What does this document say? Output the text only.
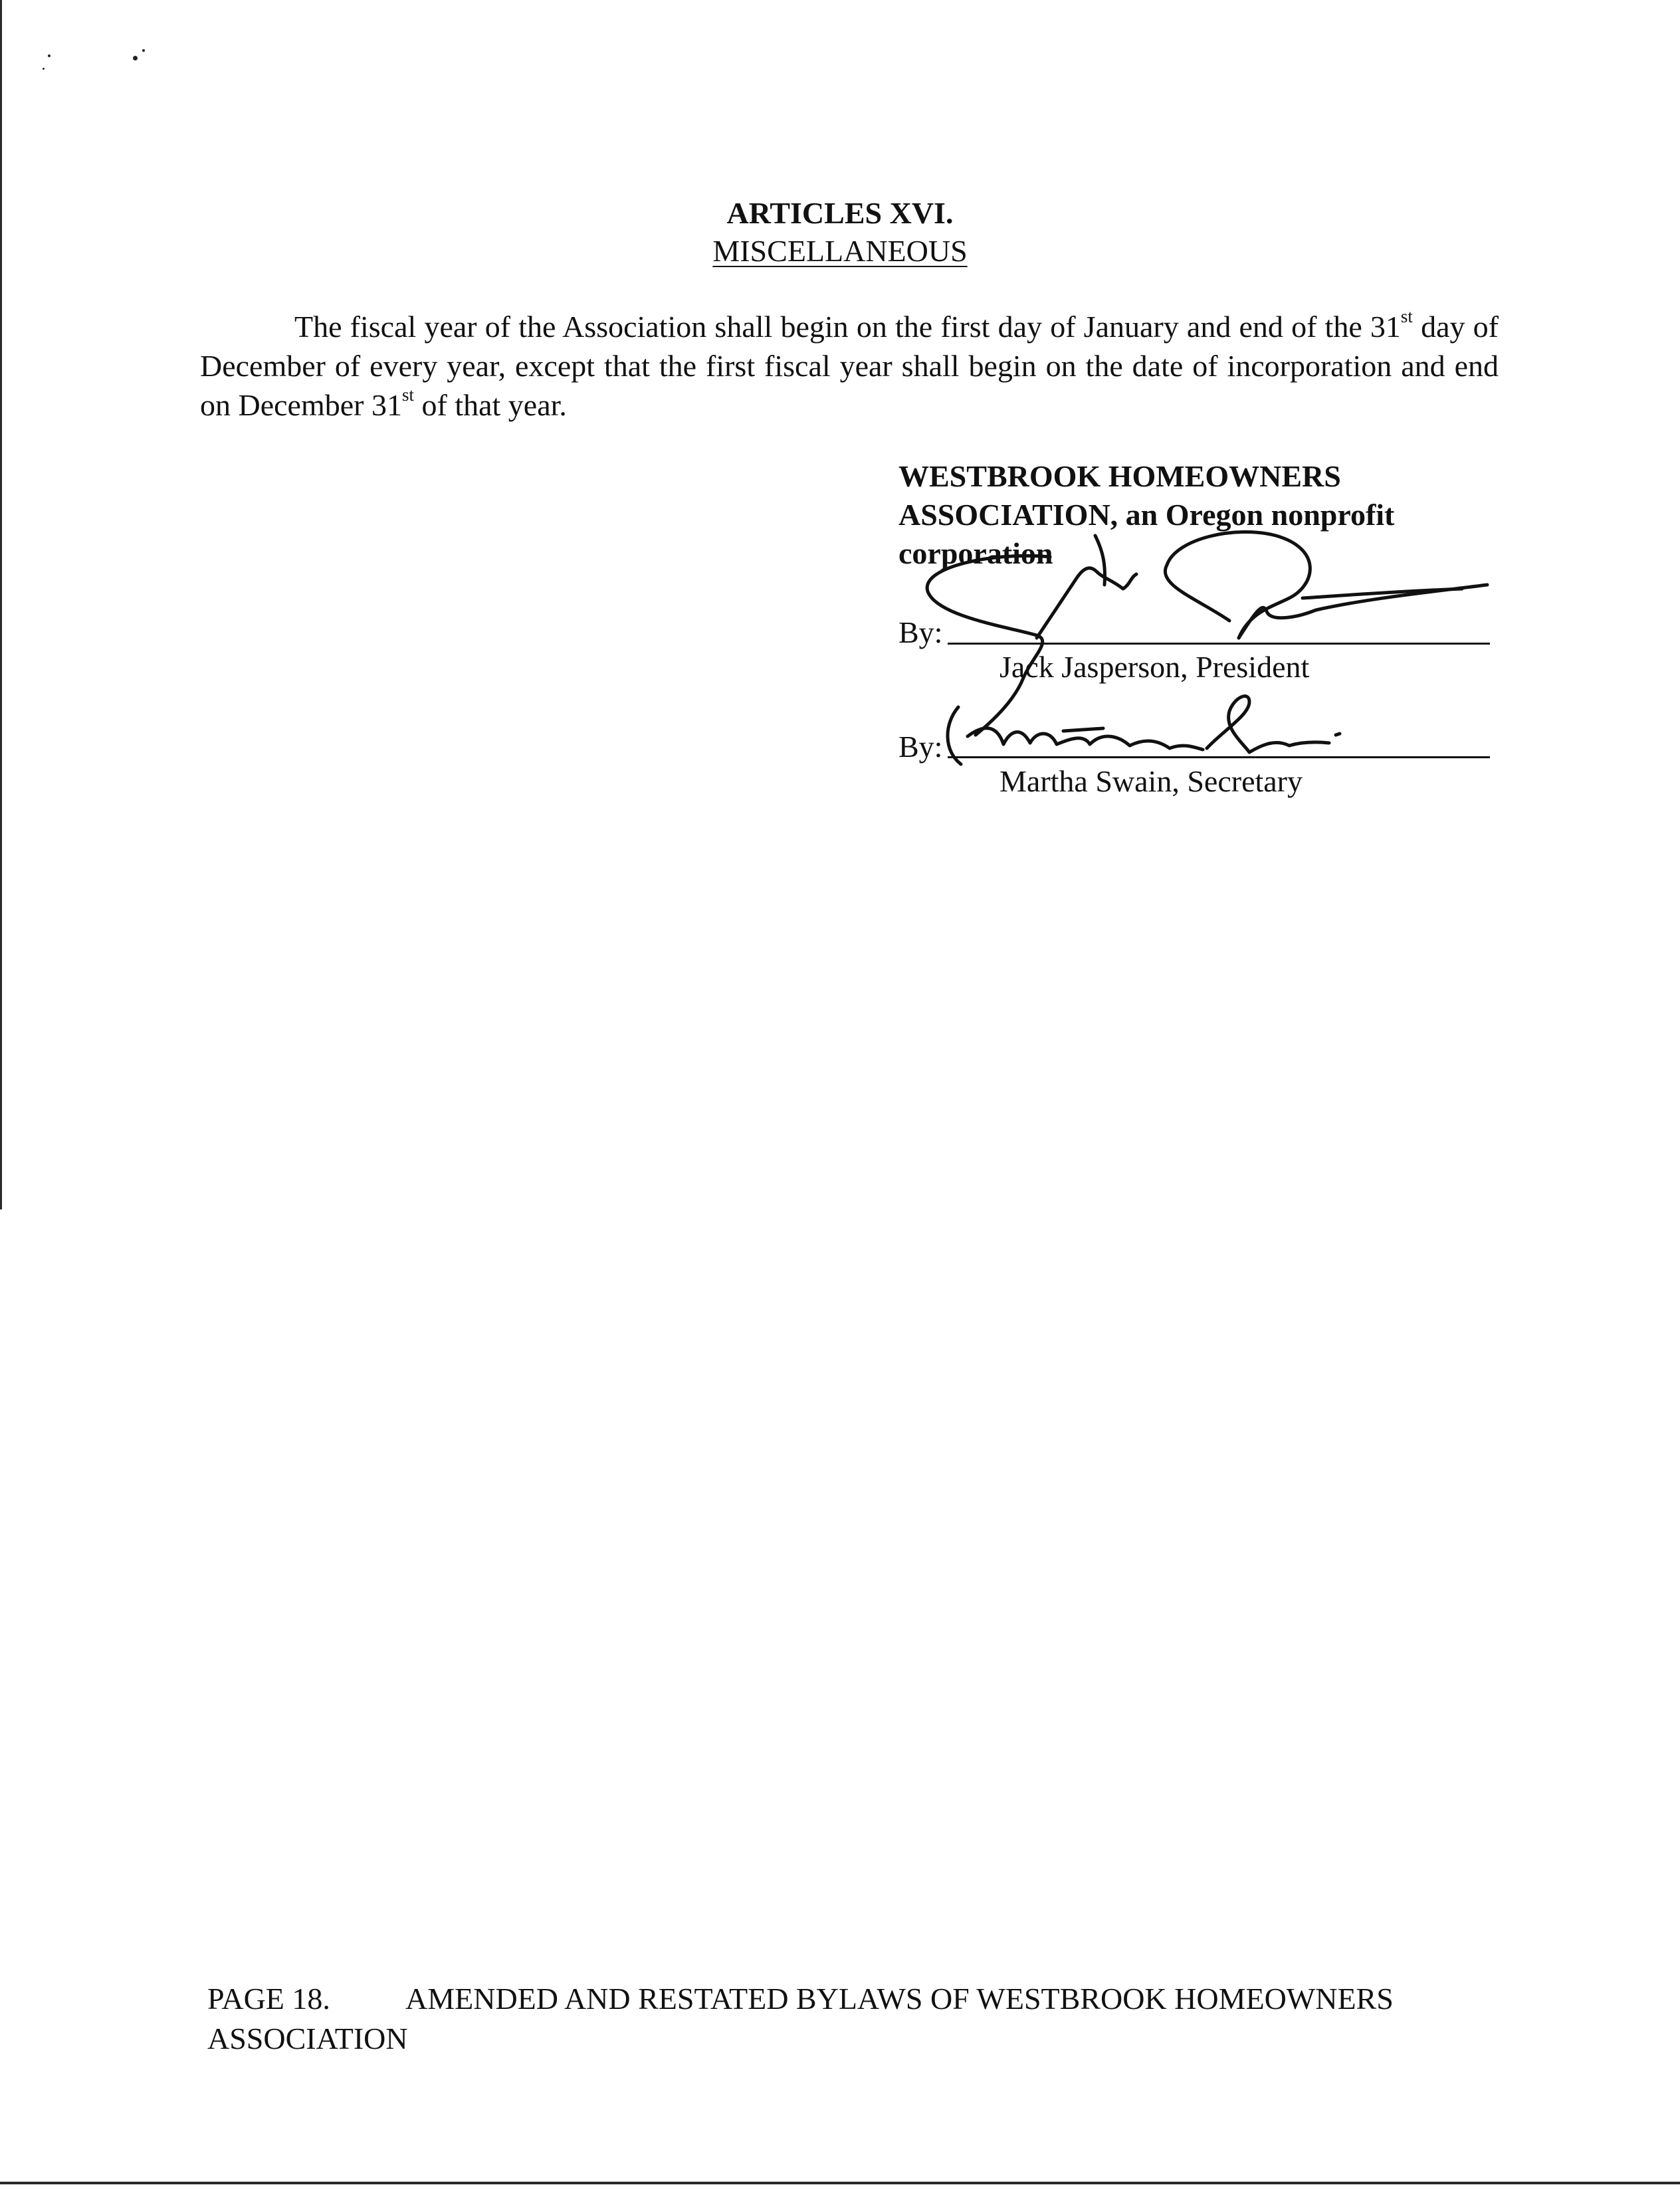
ARTICLES XVI.
MISCELLANEOUS

The fiscal year of the Association shall begin on the first day of January and end of the 31st day of December of every year, except that the first fiscal year shall begin on the date of incorporation and end on December 31st of that year.

WESTBROOK HOMEOWNERS ASSOCIATION, an Oregon nonprofit corporation

By:
Jack Jasperson, President
By:
Martha Swain, Secretary

PAGE 18. AMENDED AND RESTATED BYLAWS OF WESTBROOK HOMEOWNERS ASSOCIATION
